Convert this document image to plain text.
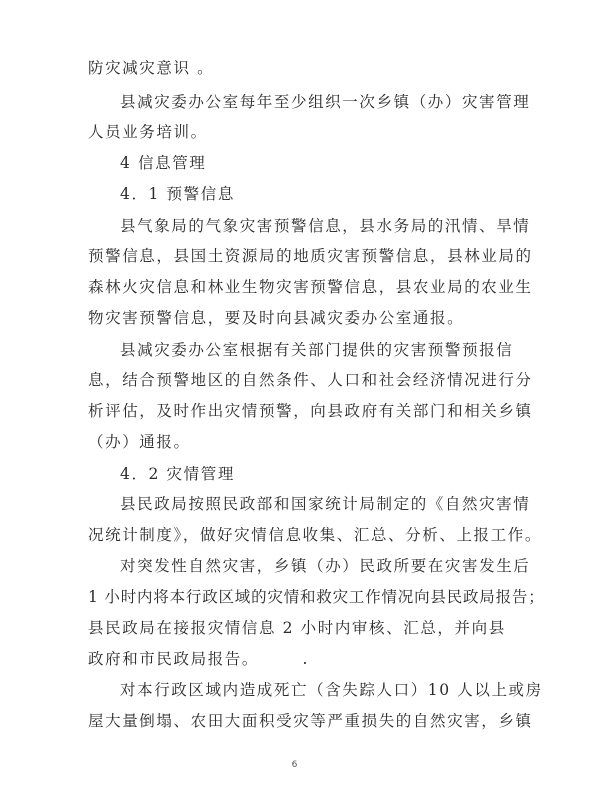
防灾减灾意识 。
县减灾委办公室每年至少组织一次乡镇（办）灾害管理
人员业务培训。
4 信息管理
4．1 预警信息
县气象局的气象灾害预警信息，县水务局的汛情、旱情
预警信息，县国土资源局的地质灾害预警信息，县林业局的
森林火灾信息和林业生物灾害预警信息，县农业局的农业生
物灾害预警信息，要及时向县减灾委办公室通报。
县减灾委办公室根据有关部门提供的灾害预警预报信
息，结合预警地区的自然条件、人口和社会经济情况进行分
析评估，及时作出灾情预警，向县政府有关部门和相关乡镇
（办）通报。
4．2 灾情管理
县民政局按照民政部和国家统计局制定的《自然灾害情
况统计制度》，做好灾情信息收集、汇总、分析、上报工作。
对突发性自然灾害，乡镇（办）民政所要在灾害发生后
1 小时内将本行政区域的灾情和救灾工作情况向县民政局报告；
县民政局在接报灾情信息 2 小时内审核、汇总，并向县
政府和市民政局报告。　　　.
对本行政区域内造成死亡（含失踪人口）10 人以上或房
屋大量倒塌、农田大面积受灾等严重损失的自然灾害，乡镇
6
